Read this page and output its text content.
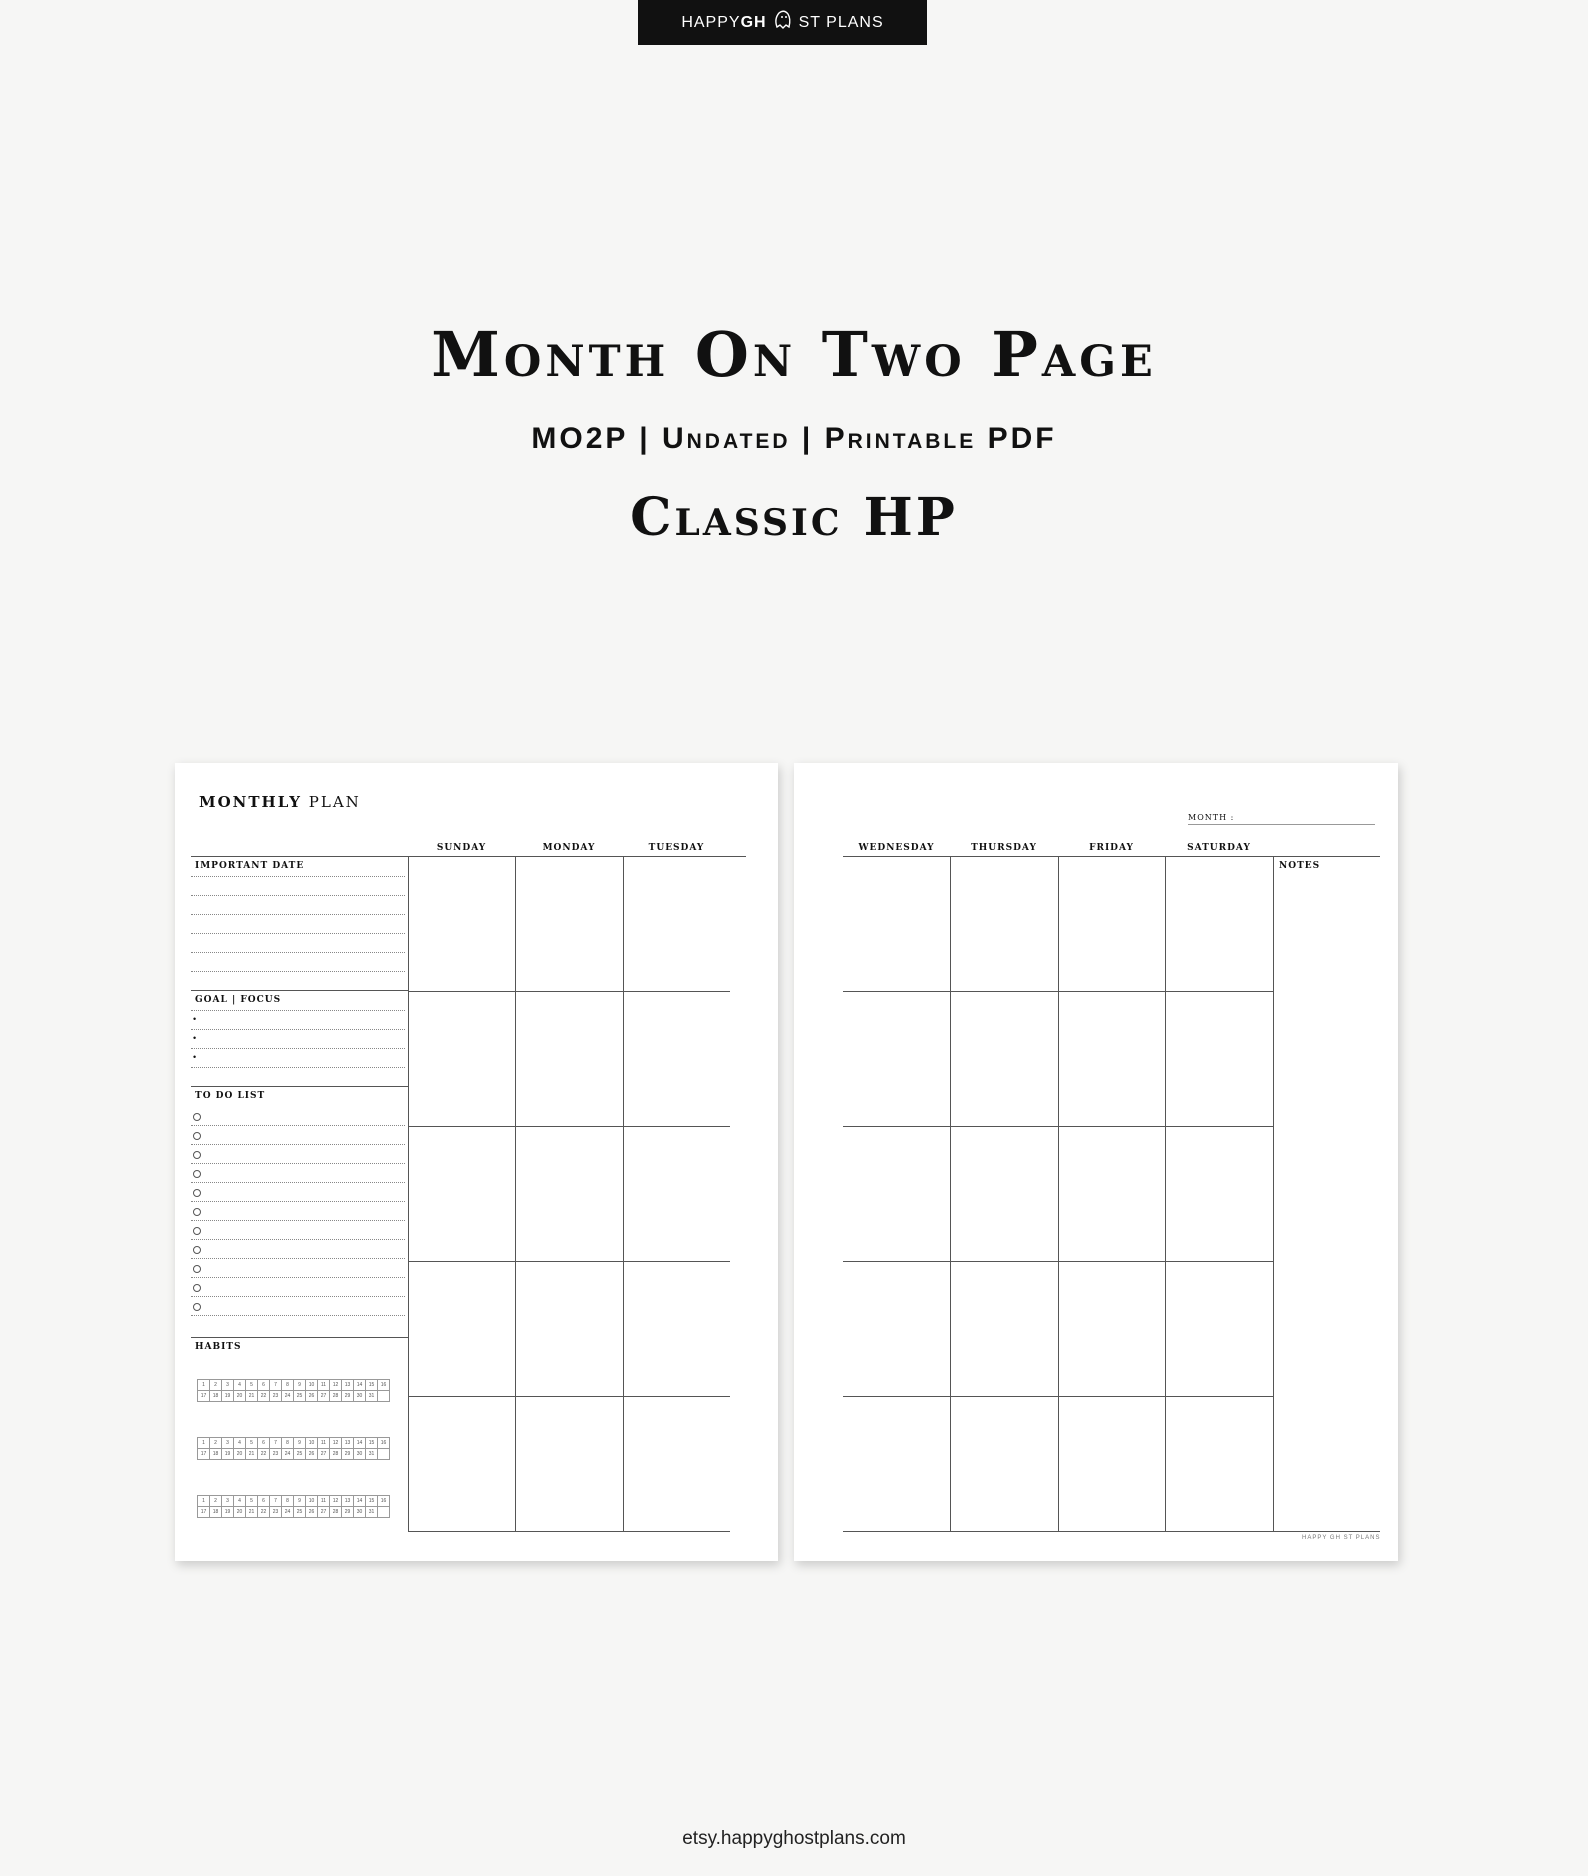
HAPPY GH ST PLANS
Month On Two Page
MO2P | Undated | Printable PDF
Classic HP
MONTHLY PLAN
SUNDAY	MONDAY	TUESDAY
IMPORTANT DATE
GOAL | FOCUS
•
•
•
TO DO LIST
HABITS
1	2	3	4	5	6	7	8	9	10	11	12	13	14	15	16
17	18	19	20	21	22	23	24	25	26	27	28	29	30	31	
1	2	3	4	5	6	7	8	9	10	11	12	13	14	15	16
17	18	19	20	21	22	23	24	25	26	27	28	29	30	31	
1	2	3	4	5	6	7	8	9	10	11	12	13	14	15	16
17	18	19	20	21	22	23	24	25	26	27	28	29	30	31	
MONTH :
WEDNESDAY	THURSDAY	FRIDAY	SATURDAY
NOTES
HAPPY GH ST PLANS
etsy.happyghostplans.com
